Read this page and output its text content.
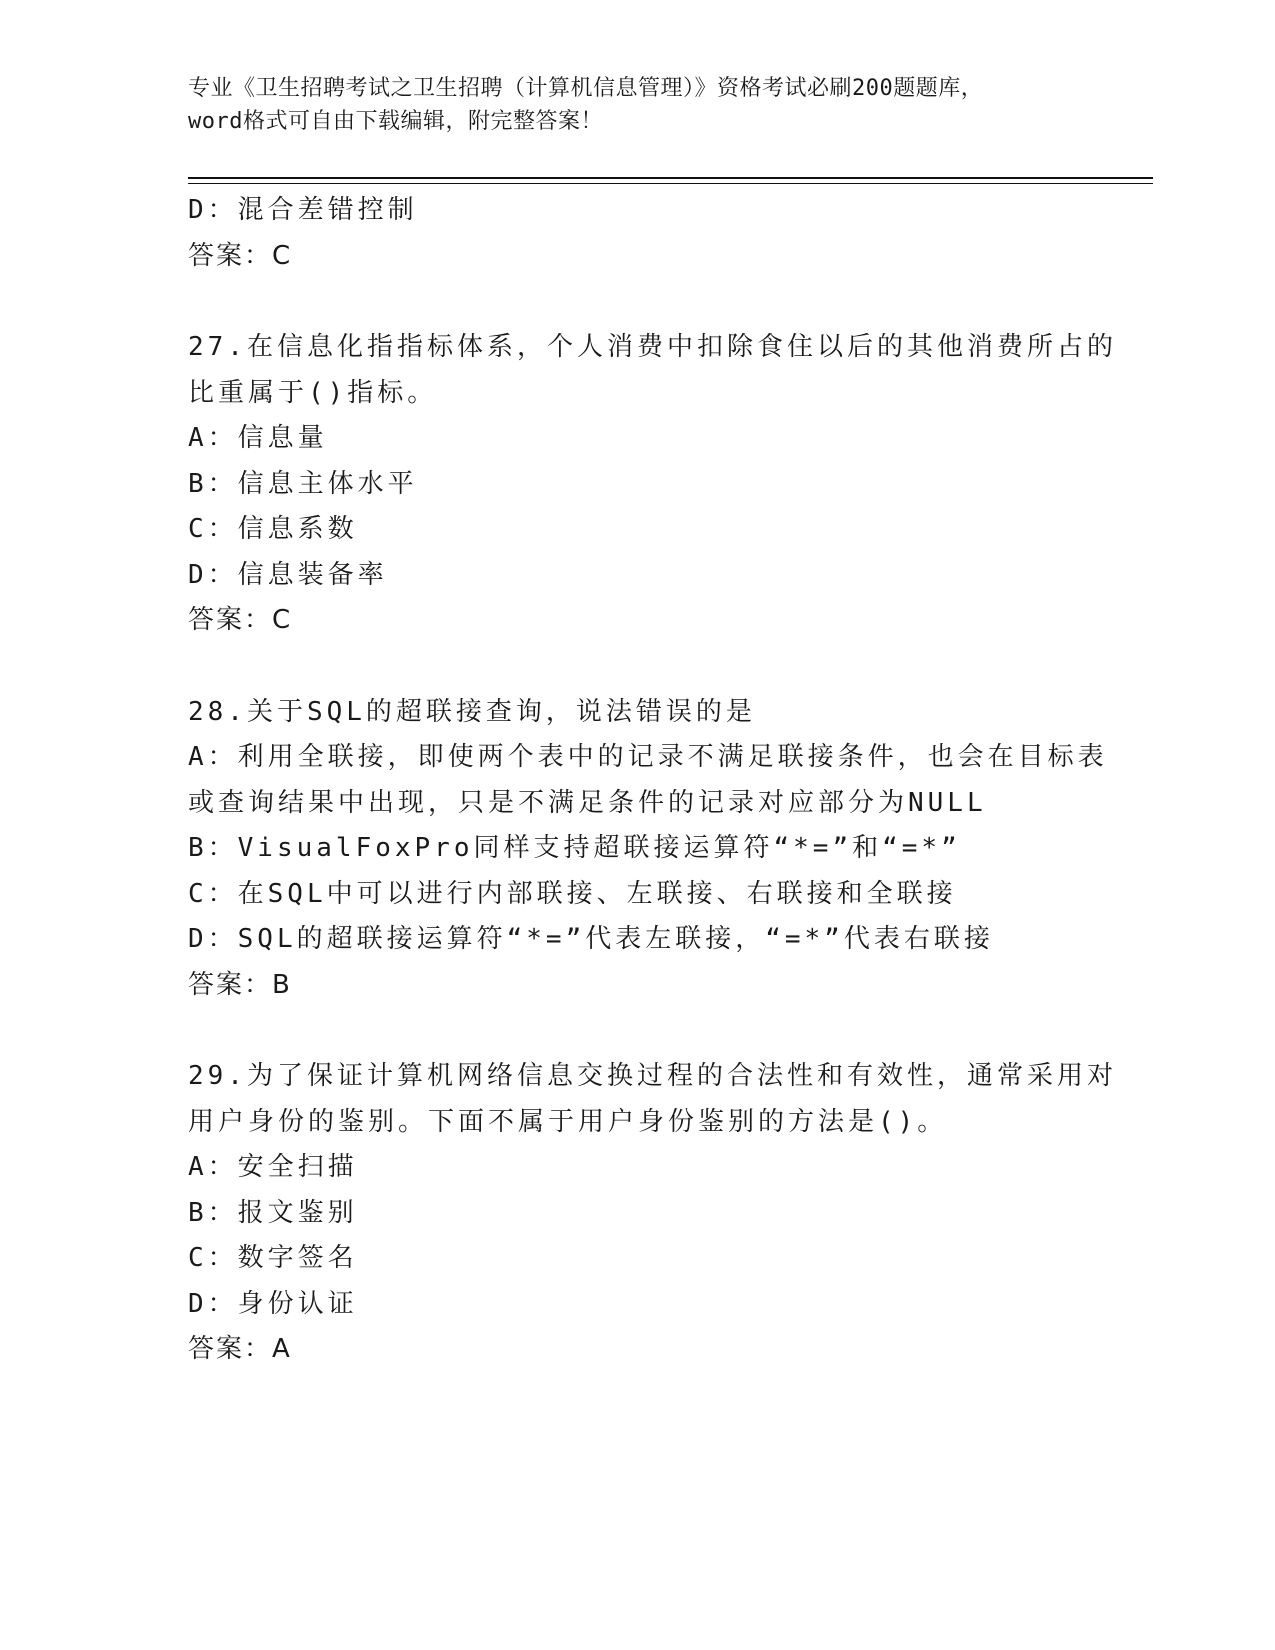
专业《卫生招聘考试之卫生招聘（计算机信息管理）》资格考试必刷200题题库，
word格式可自由下载编辑，附完整答案！
D：混合差错控制
答案：C
27.在信息化指指标体系，个人消费中扣除食住以后的其他消费所占的
比重属于()指标。
A：信息量
B：信息主体水平
C：信息系数
D：信息装备率
答案：C
28.关于SQL的超联接查询，说法错误的是
A：利用全联接，即使两个表中的记录不满足联接条件，也会在目标表
或查询结果中出现，只是不满足条件的记录对应部分为NULL
B：VisualFoxPro同样支持超联接运算符“*=”和“=*”
C：在SQL中可以进行内部联接、左联接、右联接和全联接
D：SQL的超联接运算符“*=”代表左联接，“=*”代表右联接
答案：B
29.为了保证计算机网络信息交换过程的合法性和有效性，通常采用对
用户身份的鉴别。下面不属于用户身份鉴别的方法是()。
A：安全扫描
B：报文鉴别
C：数字签名
D：身份认证
答案：A
